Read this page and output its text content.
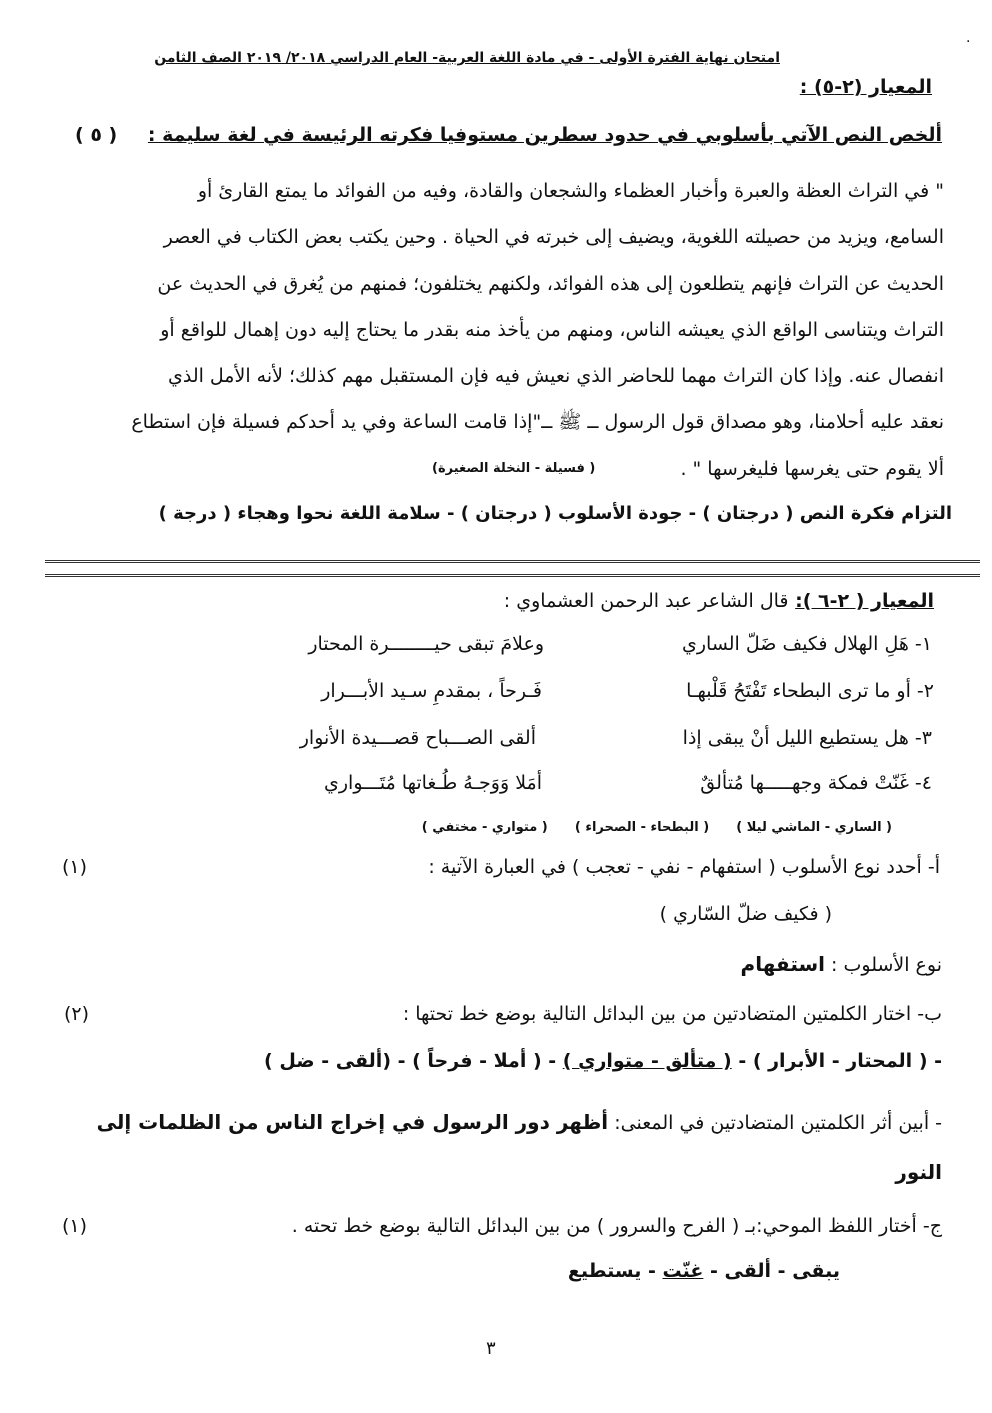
.
امتحان نهاية الفترة الأولى - في مادة اللغة العربية- العام الدراسي ٢٠١٨/ ٢٠١٩ الصف الثامن
المعيار (٢-٥) :
ألخص النص الآتي بأسلوبي في حدود سطرين مستوفيا فكرته الرئيسة في لغة سليمة :
( ٥ )
" في التراث العظة والعبرة وأخبار العظماء والشجعان والقادة، وفيه من الفوائد ما يمتع القارئ أو
السامع، ويزيد من حصيلته اللغوية، ويضيف إلى خبرته في الحياة . وحين يكتب بعض الكتاب في العصر
الحديث عن التراث فإنهم يتطلعون إلى هذه الفوائد، ولكنهم يختلفون؛ فمنهم من يُغرق في الحديث عن
التراث ويتناسى الواقع الذي يعيشه الناس، ومنهم من يأخذ منه بقدر ما يحتاج إليه دون إهمال للواقع أو
انفصال عنه. وإذا كان التراث مهما للحاضر الذي نعيش فيه فإن المستقبل مهم كذلك؛ لأنه الأمل الذي
نعقد عليه أحلامنا، وهو مصداق قول الرسول ــ ﷺ ــ"إذا قامت الساعة وفي يد أحدكم فسيلة فإن استطاع
ألا يقوم حتى يغرسها فليغرسها " .
( فسيلة - النخلة الصغيرة)
التزام فكرة النص ( درجتان ) - جودة الأسلوب ( درجتان ) - سلامة اللغة نحوا وهجاء ( درجة )
المعيار ( ٢-٦ ): قال الشاعر عبد الرحمن العشماوي :
١- هَلِ الهلال فكيف ضَلّ الساري
وعلامَ تبقى حيــــــــرة المحتار
٢- أو ما ترى البطحاء تَفْتَحُ قَلْبهـا
فَـرحاً ، بمقدمِ سـيد الأبـــرار
٣- هل يستطيع الليل أنْ يبقى إذا
ألقى الصـــباح قصـــيدة الأنوار
٤- غَنّتْ فمكة وجهـــــها مُتألقٌ
أمَلا وَوَجـهُ طُـغاتها مُتَـــواري
( الساري - الماشي ليلا )      ( البطحاء - الصحراء )      ( متواري - مختفي )
أ- أحدد نوع الأسلوب ( استفهام - نفي - تعجب ) في العبارة الآتية :
(١)
( فكيف ضلّ السّاري )
نوع الأسلوب : استفهام
ب- اختار الكلمتين المتضادتين من بين البدائل التالية بوضع خط تحتها :
(٢)
- ( المحتار - الأبرار ) - ( متألق - متواري ) - ( أملا - فرحاً ) - (ألقى - ضل )
- أبين أثر الكلمتين المتضادتين في المعنى: أظهر دور الرسول في إخراج الناس من الظلمات إلى
النور
ج- أختار اللفظ الموحي:بـ ( الفرح والسرور ) من بين البدائل التالية بوضع خط تحته .
(١)
يبقى - ألقى - غنّت - يستطيع
٣
